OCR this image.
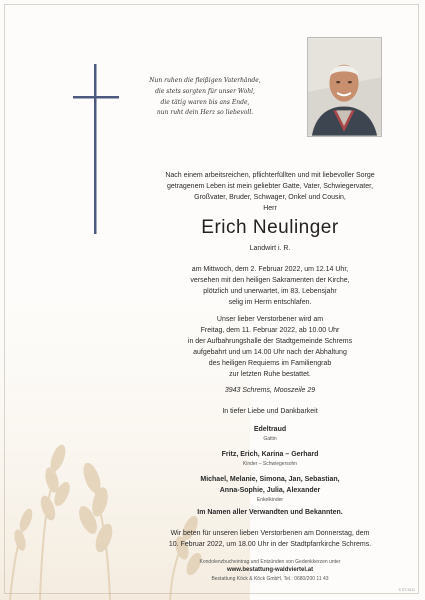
Nun ruhen die fleißigen Vaterhände,
die stets sorgten für unser Wohl,
die tätig waren bis ans Ende,
nun ruht dein Herz so liebevoll.
Nach einem arbeitsreichen, pflichterfüllten und mit liebevoller Sorge
getragenem Leben ist mein geliebter Gatte, Vater, Schwiegervater,
Großvater, Bruder, Schwager, Onkel und Cousin,
Herr
Erich Neulinger
Landwirt i. R.
am Mittwoch, dem 2. Februar 2022, um 12.14 Uhr,
versehen mit den heiligen Sakramenten der Kirche,
plötzlich und unerwartet, im 83. Lebensjahr
selig im Herrn entschlafen.
Unser lieber Verstorbener wird am
Freitag, dem 11. Februar 2022, ab 10.00 Uhr
in der Aufbahrungshalle der Stadtgemeinde Schrems
aufgebahrt und um 14.00 Uhr nach der Abhaltung
des heiligen Requiems im Familiengrab
zur letzten Ruhe bestattet.
3943 Schrems, Mooszeile 29
In tiefer Liebe und Dankbarkeit
Edeltraud
Gattin
Fritz, Erich, Karina – Gerhard
Kinder – Schwiegersohn
Michael, Melanie, Simona, Jan, Sebastian,
Anna-Sophie, Julia, Alexander
Enkelkinder
Im Namen aller Verwandten und Bekannten.
Wir beten für unseren lieben Verstorbenen am Donnerstag, dem
10. Februar 2022, um 18.00 Uhr in der Stadtpfarrkirche Schrems.
Kondolenzbucheintrag und Entzünden von Gedenkkerzen unter
www.bestattung-waldviertel.at
Bestattung Köck & Köck GmbH, Tel.: 0680/200 11 43
© ST-9211
